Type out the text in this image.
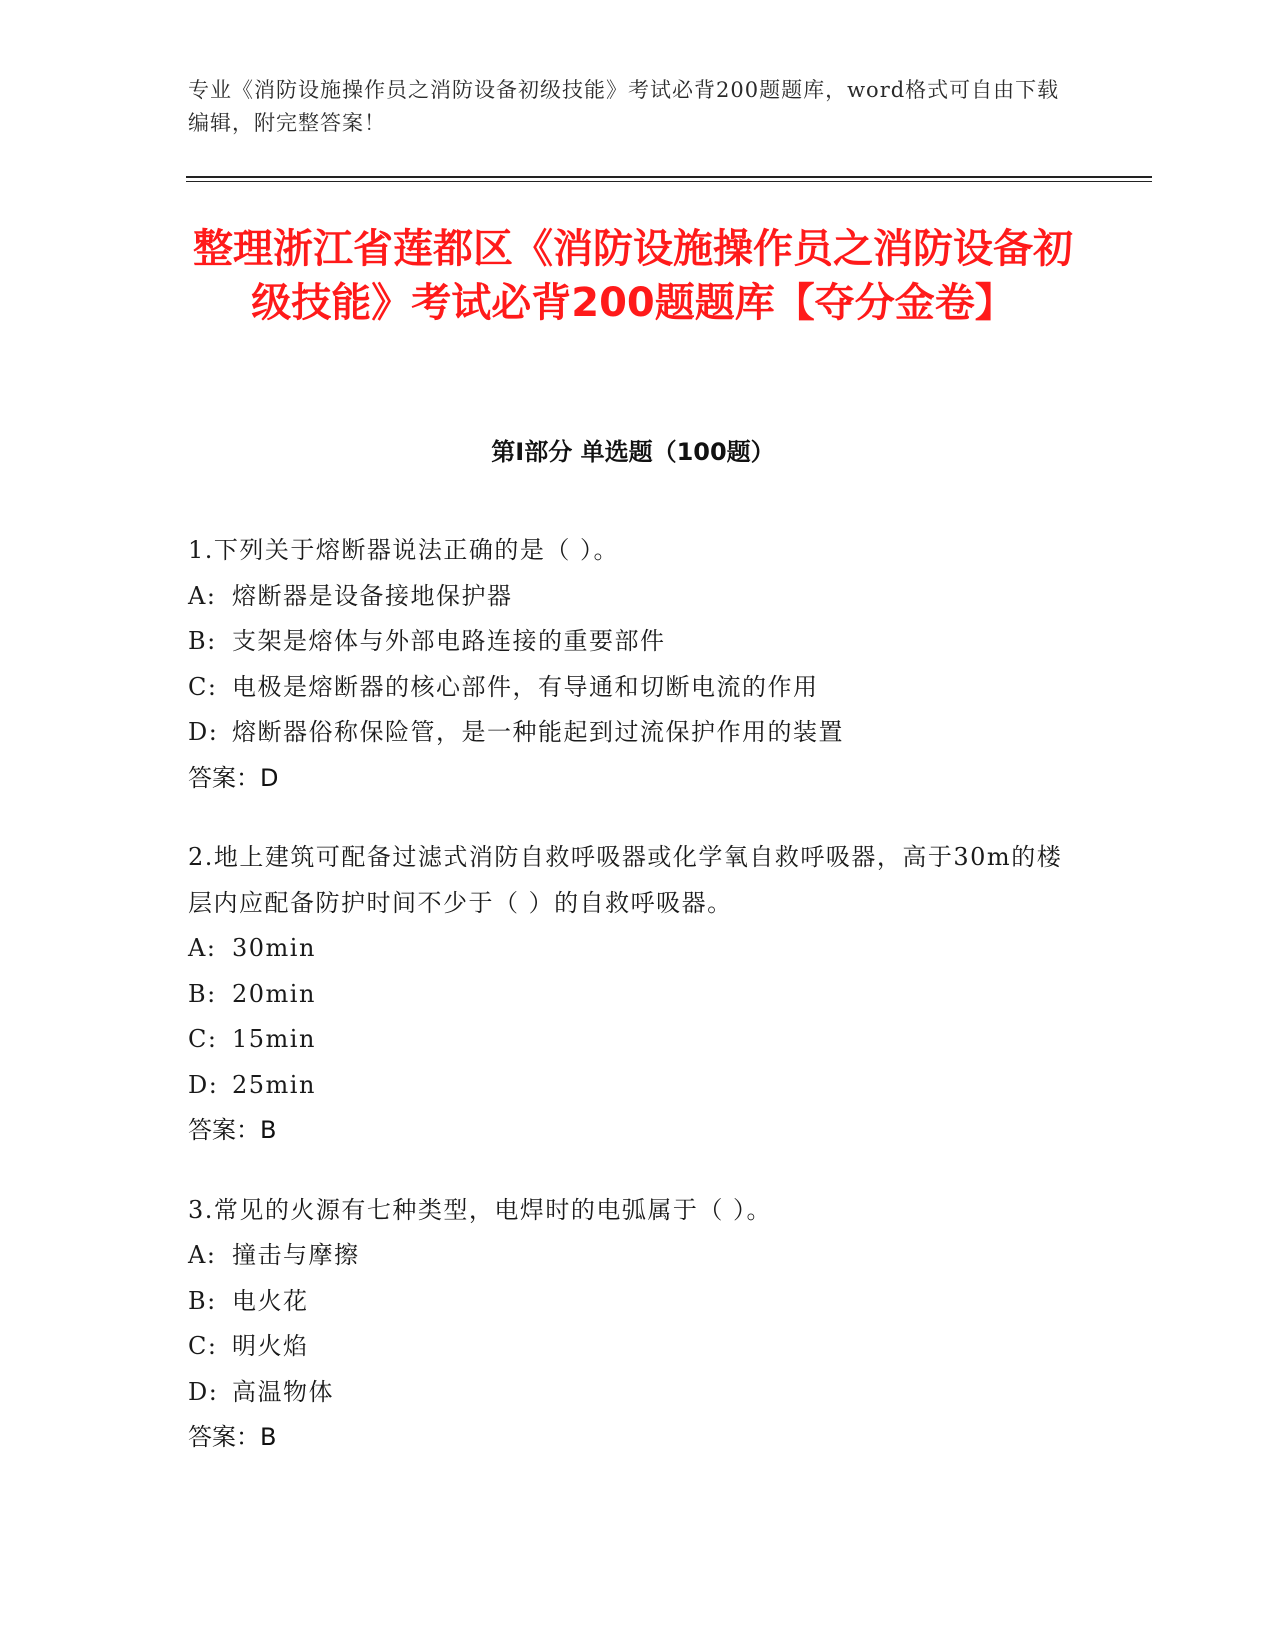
专业《消防设施操作员之消防设备初级技能》考试必背200题题库，word格式可自由下载编辑，附完整答案！
整理浙江省莲都区《消防设施操作员之消防设备初级技能》考试必背200题题库【夺分金卷】
第I部分 单选题（100题）
1.下列关于熔断器说法正确的是（ ）。
A: 熔断器是设备接地保护器
B: 支架是熔体与外部电路连接的重要部件
C: 电极是熔断器的核心部件，有导通和切断电流的作用
D: 熔断器俗称保险管，是一种能起到过流保护作用的装置
答案：D
2.地上建筑可配备过滤式消防自救呼吸器或化学氧自救呼吸器，高于30m的楼层内应配备防护时间不少于（ ）的自救呼吸器。
A: 30min
B: 20min
C: 15min
D: 25min
答案：B
3.常见的火源有七种类型，电焊时的电弧属于（ ）。
A: 撞击与摩擦
B: 电火花
C: 明火焰
D: 高温物体
答案：B
